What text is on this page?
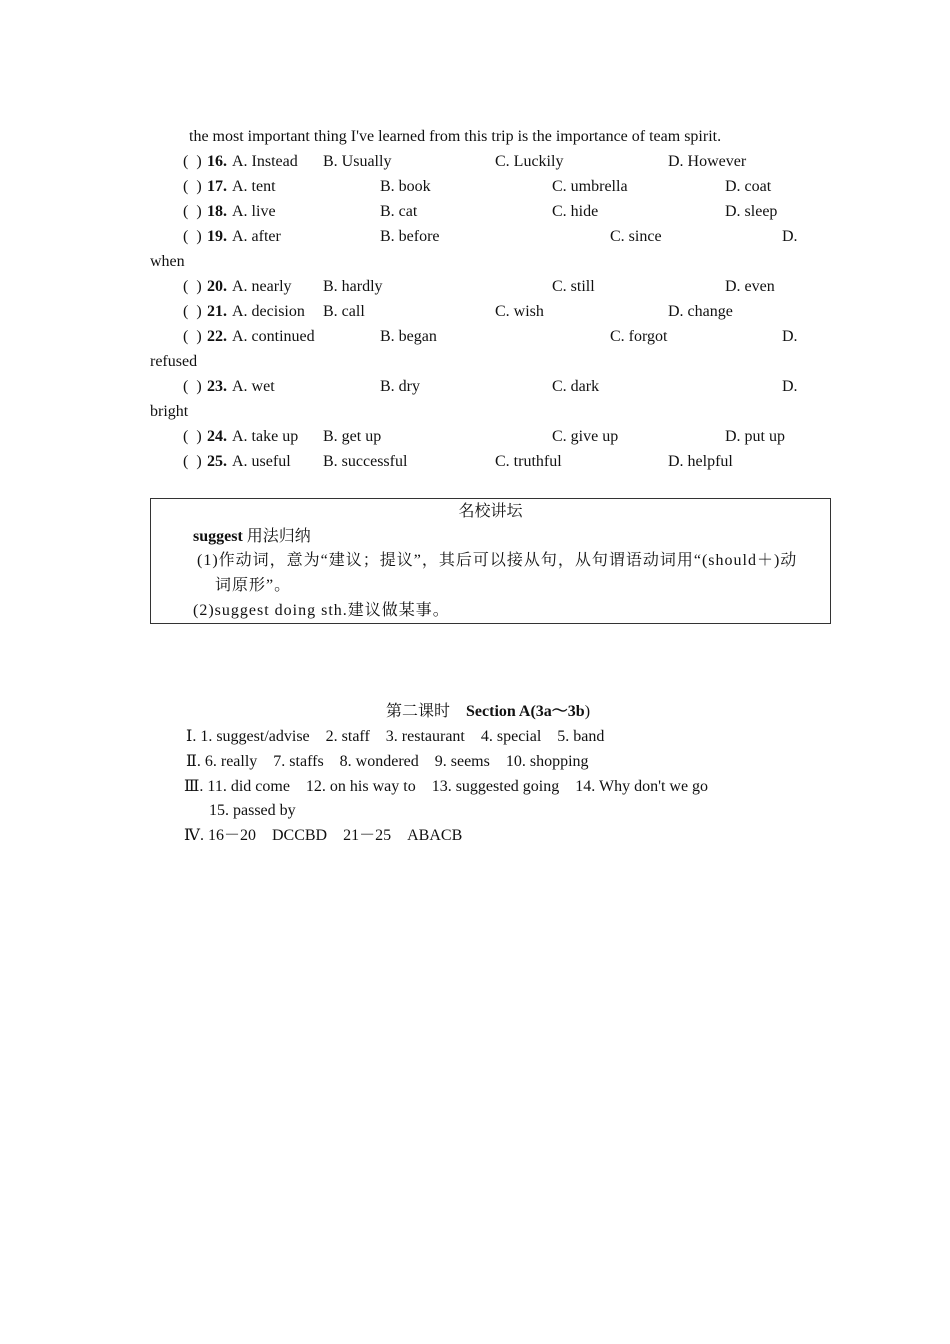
the most important thing I've learned from this trip is the importance of team spirit.
(  ) 16. A. Instead B. Usually	C. Luckily	D. However
(  ) 17. A. tent	B. book	C. umbrella	D. coat
(  ) 18. A. live	B. cat	C. hide	D. sleep
(  ) 19. A. after	B. before	C. since	D.
when
(  ) 20. A. nearly B. hardly	C. still	D. even
(  ) 21. A. decision B. call	C. wish	D. change
(  ) 22. A. continued	B. began	C. forgot	D.
refused
(  ) 23. A. wet	B. dry	C. dark	D.
bright
(  ) 24. A. take up B. get up	C. give up	D. put up
(  ) 25. A. useful B. successful	C. truthful	D. helpful
名校讲坛
suggest 用法归纳
(1)作动词，意为“建议；提议”，其后可以接从句，从句谓语动词用“(should＋)动
词原形”。
(2)suggest doing sth.建议做某事。
第二课时　Section A(3a～3b)
Ⅰ. 1. suggest/advise　2. staff　3. restaurant　4. special　5. band
Ⅱ. 6. really　7. staffs　8. wondered　9. seems　10. shopping
Ⅲ. 11. did come　12. on his way to　13. suggested going　14. Why don't we go
15. passed by
Ⅳ. 16－20　DCCBD　21－25　ABACB
